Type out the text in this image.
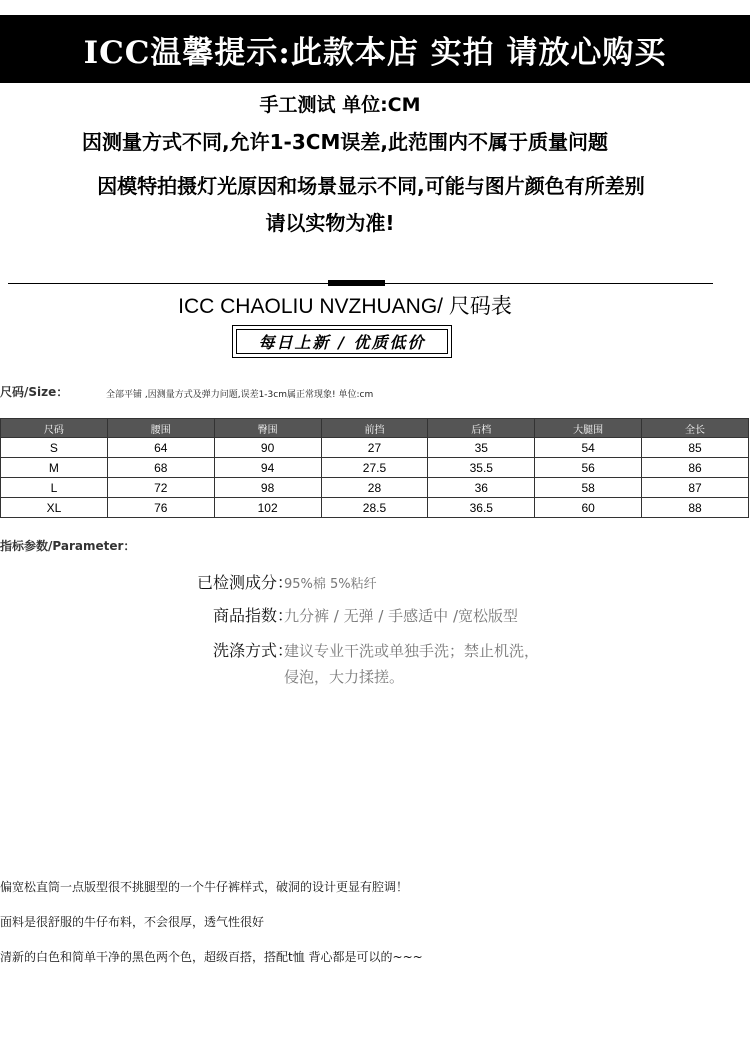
ICC温馨提示:此款本店 实拍 请放心购买
手工测试 单位:CM
因测量方式不同,允许1-3CM误差,此范围内不属于质量问题
因模特拍摄灯光原因和场景显示不同,可能与图片颜色有所差别
请以实物为准!
ICC CHAOLIU NVZHUANG/ 尺码表
每日上新 / 优质低价
尺码/Size：	全部平铺 ,因测量方式及弹力问题,误差1-3cm属正常现象! 单位:cm
尺码	腰围	臀围	前挡	后档	大腿围	全长
S	64	90	27	35	54	85
M	68	94	27.5	35.5	56	86
L	72	98	28	36	58	87
XL	76	102	28.5	36.5	60	88
指标参数/Parameter：
已检测成分：
95%棉 5%粘纤
商品指数：
九分裤 / 无弹 / 手感适中 /宽松版型
洗涤方式：
建议专业干洗或单独手洗；禁止机洗，
侵泡，大力揉搓。
偏宽松直筒一点版型很不挑腿型的一个牛仔裤样式，破洞的设计更显有腔调！
面料是很舒服的牛仔布料，不会很厚，透气性很好
清新的白色和简单干净的黑色两个色，超级百搭，搭配t恤 背心都是可以的~~~
